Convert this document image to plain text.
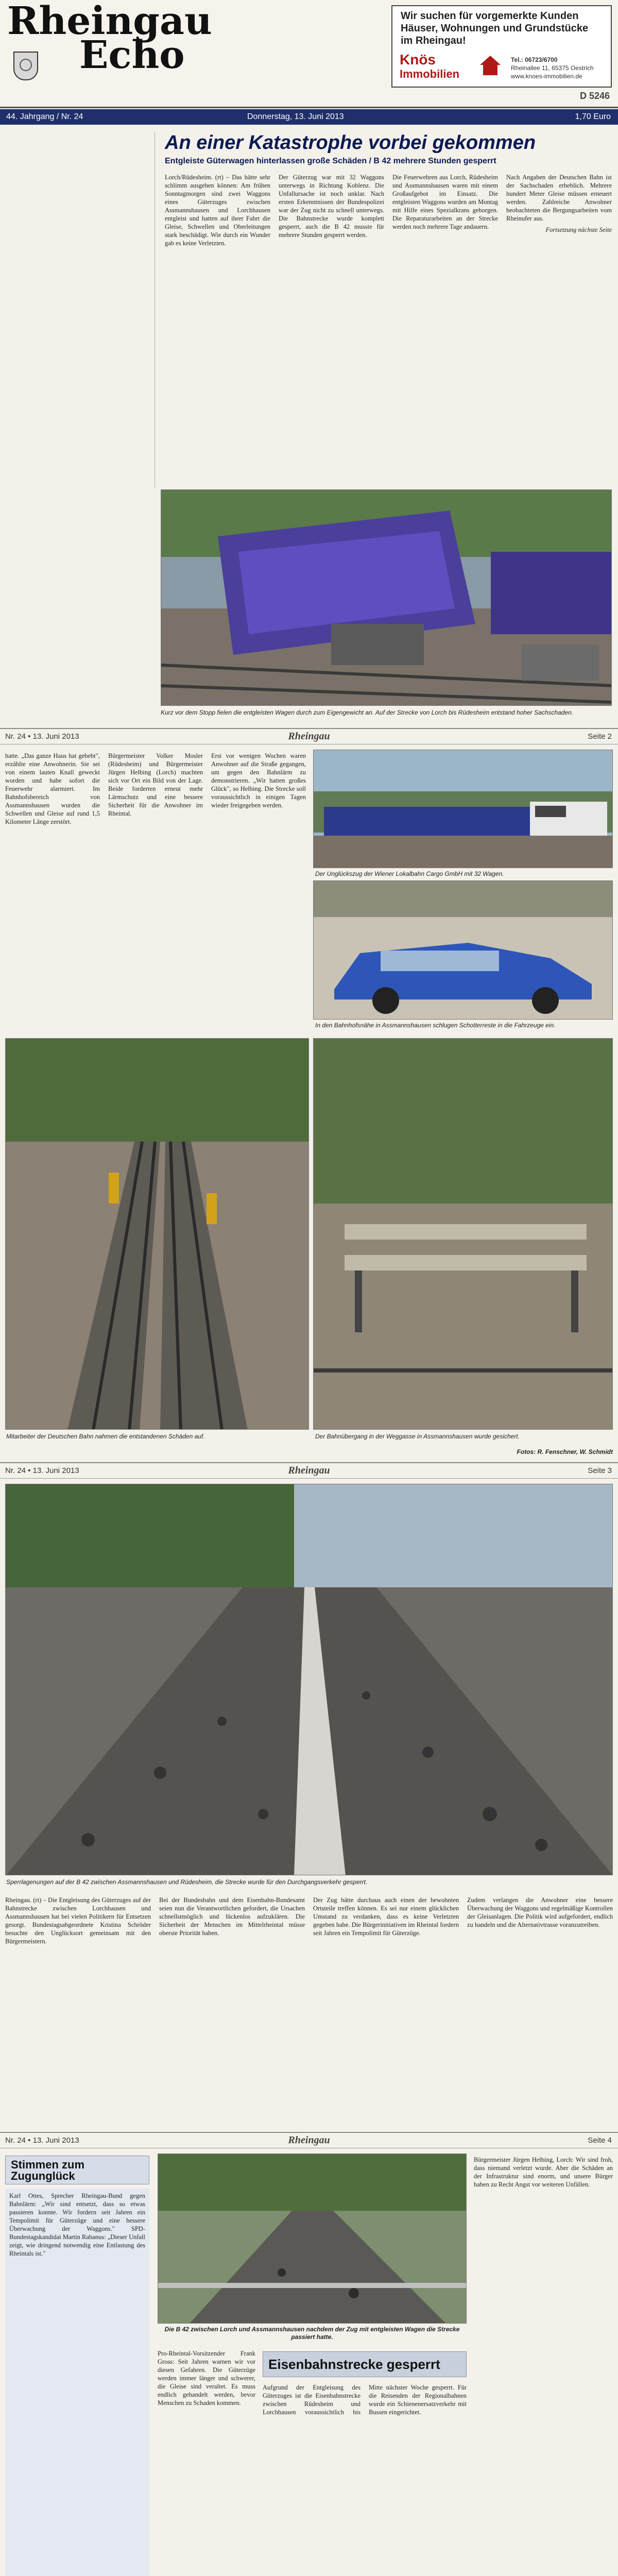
Rheingau
Echo
Wir suchen für vorgemerkte Kunden
Häuser, Wohnungen und Grundstücke
im Rheingau!
Knös
Immobilien
Tel.: 06723/6700
Rheinallee 11, 65375 Oestrich
www.knoes-immobilien.de
D 5246
44. Jahrgang / Nr. 24	Donnerstag, 13. Juni 2013	1,70 Euro
An einer Katastrophe vorbei gekommen
Entgleiste Güterwagen hinterlassen große Schäden / B 42 mehrere Stunden gesperrt

Lorch/Rüdesheim. (rt) – Das hätte sehr schlimm ausgehen können: Am frühen Sonntagmorgen sind zwei Waggons eines Güterzuges zwischen Assmannshausen und Lorchhausen entgleist und hatten auf ihrer Fahrt die Gleise, Schwellen und Oberleitungen stark beschädigt. Wie durch ein Wunder gab es keine Verletzten.

Der Güterzug war mit 32 Waggons unterwegs in Richtung Koblenz. Die Unfallursache ist noch unklar. Nach ersten Erkenntnissen der Bundespolizei war der Zug nicht zu schnell unterwegs. Die Bahnstrecke wurde komplett gesperrt, auch die B 42 musste für mehrere Stunden gesperrt werden.

Die Feuerwehren aus Lorch, Rüdesheim und Assmannshausen waren mit einem Großaufgebot im Einsatz. Die entgleisten Waggons wurden am Montag mit Hilfe eines Spezialkrans geborgen. Die Reparaturarbeiten an der Strecke werden noch mehrere Tage andauern.

Nach Angaben der Deutschen Bahn ist der Sachschaden erheblich. Mehrere hundert Meter Gleise müssen erneuert werden. Zahlreiche Anwohner beobachteten die Bergungsarbeiten vom Rheinufer aus.

Fortsetzung nächste Seite

Kurz vor dem Stopp fielen die entgleisten Wagen durch zum Eigengewicht an. Auf der Strecke von Lorch bis Rüdesheim entstand hoher Sachschaden.
Nr. 24 • 13. Juni 2013	Rheingau	Seite 2

hatte. „Das ganze Haus hat gebebt", erzählte eine Anwohnerin. Sie sei von einem lauten Knall geweckt worden und habe sofort die Feuerwehr alarmiert. Im Bahnhofsbereich von Assmannshausen wurden die Schwellen und Gleise auf rund 1,5 Kilometer Länge zerstört.

Bürgermeister Volker Mosler (Rüdesheim) und Bürgermeister Jürgen Helbing (Lorch) machten sich vor Ort ein Bild von der Lage. Beide forderten erneut mehr Lärmschutz und eine bessere Sicherheit für die Anwohner im Rheintal.

Erst vor wenigen Wochen waren Anwohner auf die Straße gegangen, um gegen den Bahnlärm zu demonstrieren. „Wir hatten großes Glück", so Helbing. Die Strecke soll voraussichtlich in einigen Tagen wieder freigegeben werden.

Der Unglückszug der Wiener Lokalbahn Cargo GmbH mit 32 Wagen.
In den Bahnhofsnähe in Assmannshausen schlugen Schotterreste in die Fahrzeuge ein.
Mitarbeiter der Deutschen Bahn nahmen die entstandenen Schäden auf.	Der Bahnübergang in der Weggasse in Assmannshausen wurde gesichert.
Fotos: R. Fenschner, W. Schmidt
Nr. 24 • 13. Juni 2013	Rheingau	Seite 3
Sperrlagenungen auf der B 42 zwischen Assmannshausen und Rüdesheim, die Strecke wurde für den Durchgangsverkehr gesperrt.

Rheingau. (rt) – Die Entgleisung des Güterzuges auf der Bahnstrecke zwischen Lorchhausen und Assmannshausen hat bei vielen Politikern für Entsetzen gesorgt. Bundestagsabgeordnete Kristina Schröder besuchte den Unglücksort gemeinsam mit den Bürgermeistern.

Bei der Bundesbahn und dem Eisenbahn-Bundesamt seien nun die Verantwortlichen gefordert, die Ursachen schnellstmöglich und lückenlos aufzuklären. Die Sicherheit der Menschen im Mittelrheintal müsse oberste Priorität haben.

Der Zug hätte durchaus auch einen der bewohnten Ortsteile treffen können. Es sei nur einem glücklichen Umstand zu verdanken, dass es keine Verletzten gegeben habe. Die Bürgerinitiativen im Rheintal fordern seit Jahren ein Tempolimit für Güterzüge.

Zudem verlangen die Anwohner eine bessere Überwachung der Waggons und regelmäßige Kontrollen der Gleisanlagen. Die Politik wird aufgefordert, endlich zu handeln und die Alternativtrasse voranzutreiben.

Nr. 24 • 13. Juni 2013	Rheingau	Seite 4
Stimmen zum Zugunglück

Karl Ottes, Sprecher Rheingau-Bund gegen Bahnlärm: „Wir sind entsetzt, dass so etwas passieren konnte. Wir fordern seit Jahren ein Tempolimit für Güterzüge und eine bessere Überwachung der Waggons." SPD-Bundestagskandidat Martin Rabanus: „Dieser Unfall zeigt, wie dringend notwendig eine Entlastung des Rheintals ist."

Die B 42 zwischen Lorch und Assmannshausen nachdem der Zug mit entgleisten Wagen die Strecke passiert hatte.

Pro-Rheintal-Vorsitzender Frank Gross: Seit Jahren warnen wir vor diesen Gefahren. Die Güterzüge werden immer länger und schwerer, die Gleise sind veraltet. Es muss endlich gehandelt werden, bevor Menschen zu Schaden kommen.

Eisenbahnstrecke gesperrt

Aufgrund der Entgleisung des Güterzuges ist die Eisenbahnstrecke zwischen Rüdesheim und Lorchhausen voraussichtlich bis Mitte nächster Woche gesperrt. Für die Reisenden der Regionalbahnen wurde ein Schienenersatzverkehr mit Bussen eingerichtet.

Bürgermeister Jürgen Helbing, Lorch: Wir sind froh, dass niemand verletzt wurde. Aber die Schäden an der Infrastruktur sind enorm, und unsere Bürger haben zu Recht Angst vor weiteren Unfällen.
